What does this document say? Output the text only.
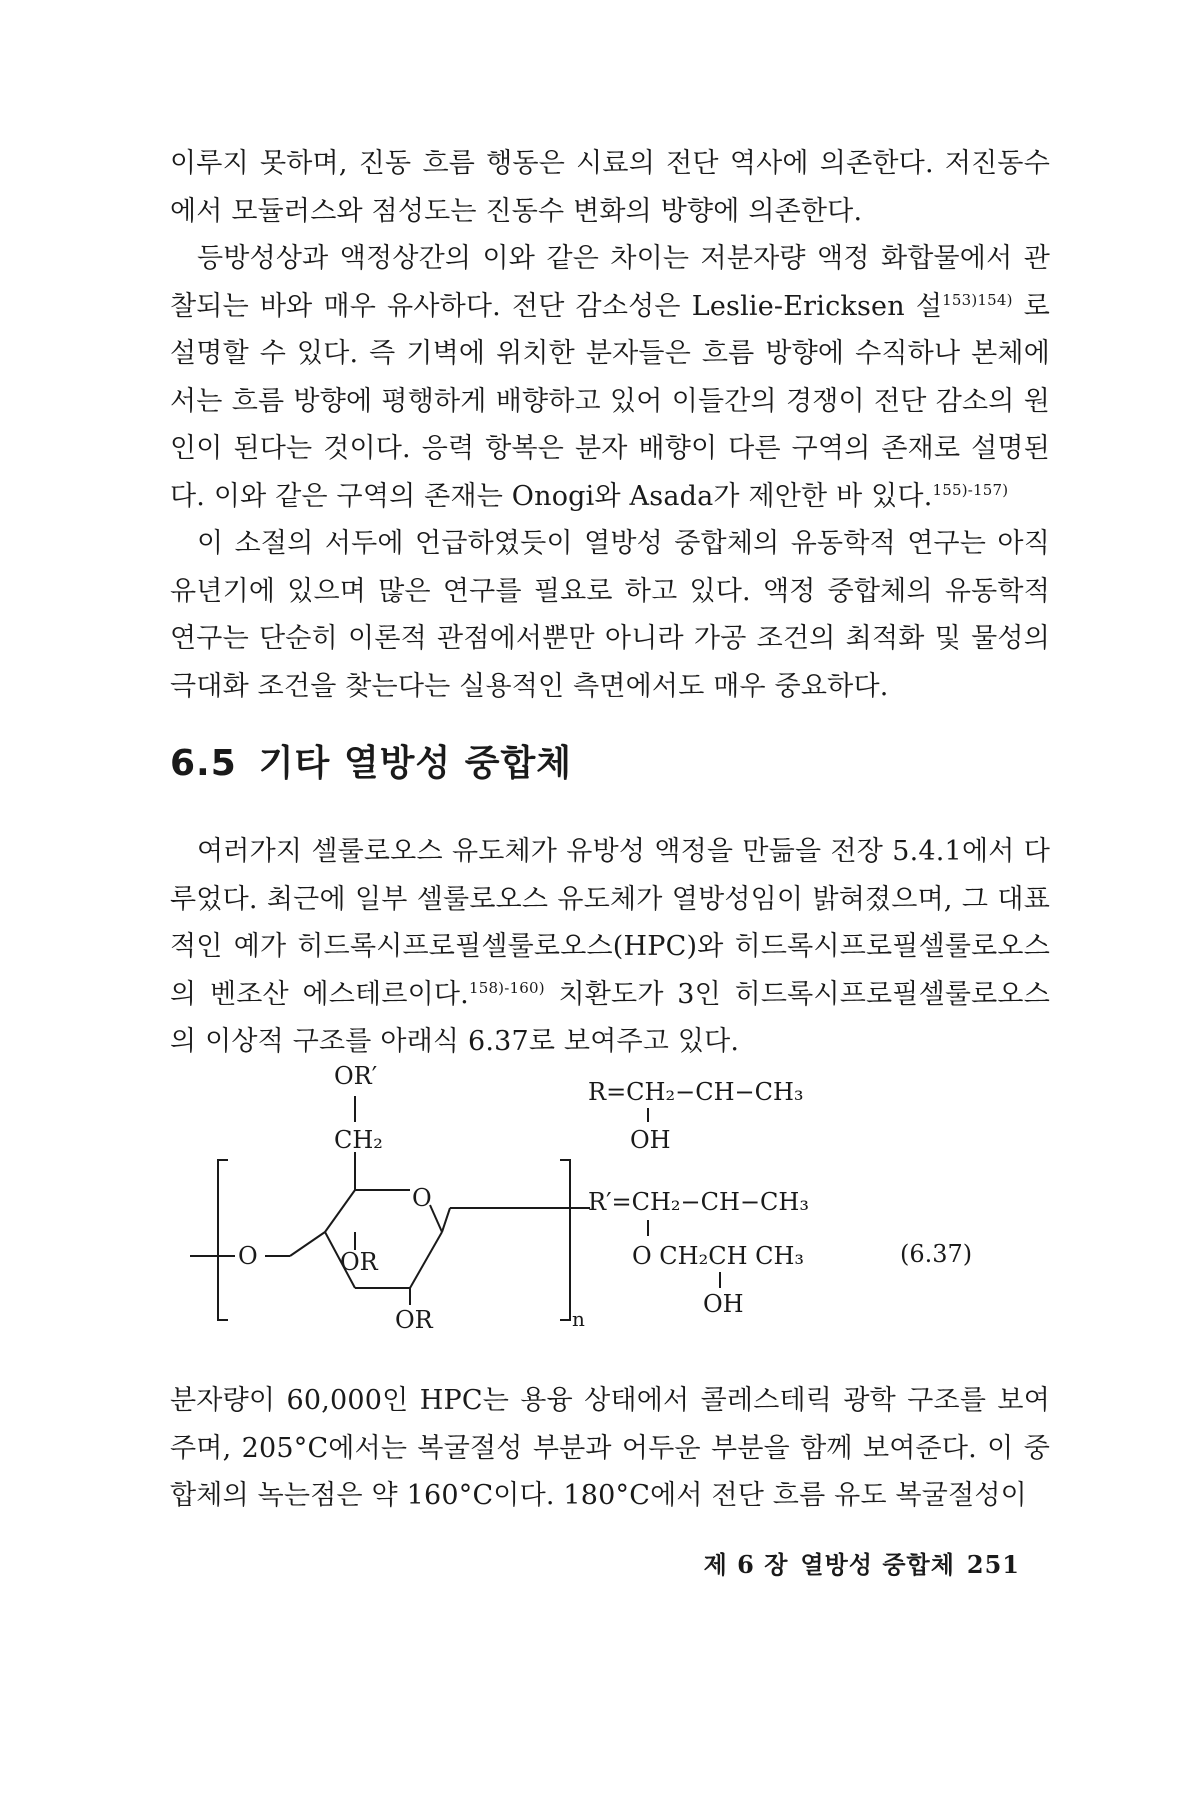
이루지 못하며, 진동 흐름 행동은 시료의 전단 역사에 의존한다. 저진동수에서 모듈러스와 점성도는 진동수 변화의 방향에 의존한다.

등방성상과 액정상간의 이와 같은 차이는 저분자량 액정 화합물에서 관찰되는 바와 매우 유사하다. 전단 감소성은 Leslie-Ericksen 설$^{153)154)}$ 로 설명할 수 있다. 즉 기벽에 위치한 분자들은 흐름 방향에 수직하나 본체에서는 흐름 방향에 평행하게 배향하고 있어 이들간의 경쟁이 전단 감소의 원인이 된다는 것이다. 응력 항복은 분자 배향이 다른 구역의 존재로 설명된다. 이와 같은 구역의 존재는 Onogi와 Asada가 제안한 바 있다.$^{155)-157)}$

이 소절의 서두에 언급하였듯이 열방성 중합체의 유동학적 연구는 아직 유년기에 있으며 많은 연구를 필요로 하고 있다. 액정 중합체의 유동학적 연구는 단순히 이론적 관점에서뿐만 아니라 가공 조건의 최적화 및 물성의 극대화 조건을 찾는다는 실용적인 측면에서도 매우 중요하다.

6.5 기타 열방성 중합체

여러가지 셀룰로오스 유도체가 유방성 액정을 만듦을 전장 5.4.1에서 다루었다. 최근에 일부 셀룰로오스 유도체가 열방성임이 밝혀졌으며, 그 대표적인 예가 히드록시프로필셀룰로오스(HPC)와 히드록시프로필셀룰로오스의 벤조산 에스테르이다.$^{158)-160)}$ 치환도가 3인 히드록시프로필셀룰로오스의 이상적 구조를 아래식 6.37로 보여주고 있다.

OR′
CH₂
O
OR
OR
O
n
R=CH₂−CH−CH₃
OH
R′=CH₂−CH−CH₃
O CH₂CH CH₃
OH
(6.37)

분자량이 60,000인 HPC는 용융 상태에서 콜레스테릭 광학 구조를 보여주며, 205°C에서는 복굴절성 부분과 어두운 부분을 함께 보여준다. 이 중합체의 녹는점은 약 160°C이다. 180°C에서 전단 흐름 유도 복굴절성이

제 6 장 열방성 중합체 251
